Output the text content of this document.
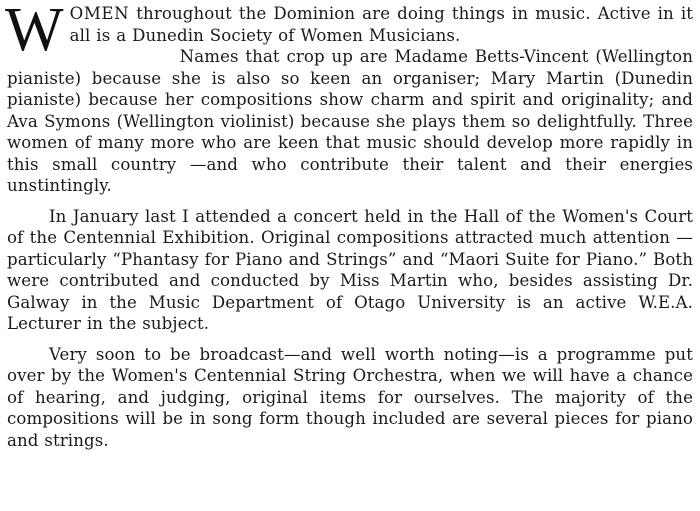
WOMEN throughout the Dominion are doing things in music. Active in it all is a Dunedin Society of Women Musicians.

Names that crop up are Madame Betts-Vincent (Wellington pianiste) because she is also so keen an organiser; Mary Martin (Dunedin pianiste) because her compositions show charm and spirit and originality; and Ava Symons (Wellington violinist) because she plays them so delightfully. Three women of many more who are keen that music should develop more rapidly in this small country —and who contribute their talent and their energies unstintingly.

In January last I attended a concert held in the Hall of the Women's Court of the Centennial Exhibition. Original compositions attracted much attention — particularly “Phantasy for Piano and Strings” and “Maori Suite for Piano.” Both were contributed and conducted by Miss Martin who, besides assisting Dr. Galway in the Music Department of Otago University is an active W.E.A. Lecturer in the subject.

Very soon to be broadcast—and well worth noting—is a programme put over by the Women's Centennial String Orchestra, when we will have a chance of hearing, and judging, original items for ourselves. The majority of the compositions will be in song form though included are several pieces for piano and strings.
